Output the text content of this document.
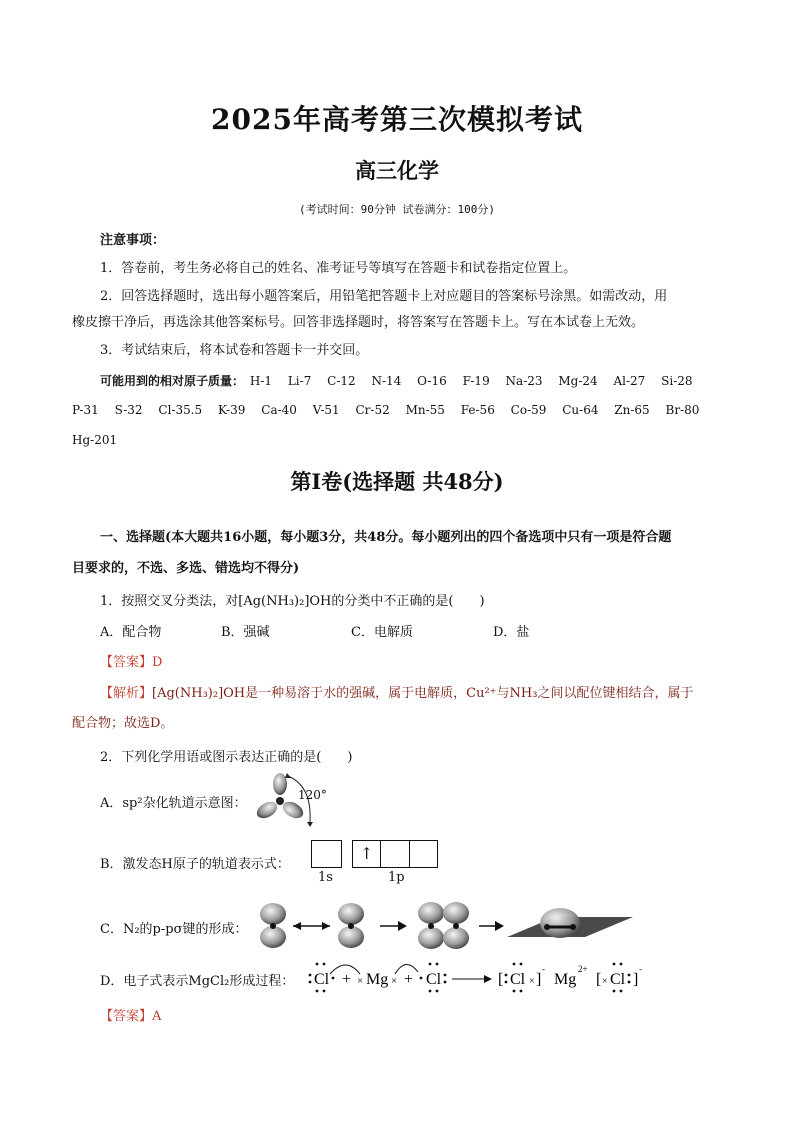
2025年高考第三次模拟考试
高三化学
(考试时间：90分钟 试卷满分：100分)
注意事项：
1．答卷前，考生务必将自己的姓名、准考证号等填写在答题卡和试卷指定位置上。
2．回答选择题时，选出每小题答案后，用铅笔把答题卡上对应题目的答案标号涂黑。如需改动，用
橡皮擦干净后，再选涂其他答案标号。回答非选择题时，将答案写在答题卡上。写在本试卷上无效。
3．考试结束后，将本试卷和答题卡一并交回。
可能用到的相对原子质量： H-1 Li-7 C-12 N-14 O-16 F-19 Na-23 Mg-24 Al-27 Si-28
P-31 S-32 Cl-35.5 K-39 Ca-40 V-51 Cr-52 Mn-55 Fe-56 Co-59 Cu-64 Zn-65 Br-80
Hg-201
第Ⅰ卷(选择题 共48分)
一、选择题(本大题共16小题，每小题3分，共48分。每小题列出的四个备选项中只有一项是符合题
目要求的，不选、多选、错选均不得分)
1．按照交叉分类法，对[Ag(NH₃)₂]OH的分类中不正确的是(　　)
A．配合物	B．强碱	C．电解质	D．盐
【答案】D
【解析】[Ag(NH₃)₂]OH是一种易溶于水的强碱，属于电解质，Cu²⁺与NH₃之间以配位键相结合，属于
配合物；故选D。
2．下列化学用语或图示表达正确的是(　　)
A．sp²杂化轨道示意图：
120°
B．激发态H原子的轨道表示式：
↑
1s	1p
C．N₂的p-pσ键的形成：
D．电子式表示MgCl₂形成过程： Cl + × Mg × + Cl	[ Cl × ]
-
Mg
2+
[ × Cl ]
-
【答案】A
